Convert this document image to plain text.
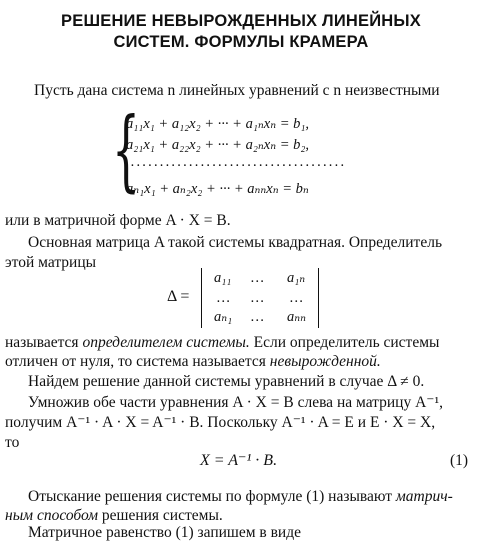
РЕШЕНИЕ НЕВЫРОЖДЕННЫХ ЛИНЕЙНЫХ
СИСТЕМ. ФОРМУЛЫ КРАМЕРА
Пусть дана система n линейных уравнений с n неизвестными
{
a₁₁x₁ + a₁₂x₂ + ··· + a₁ₙxₙ = b₁,
a₂₁x₁ + a₂₂x₂ + ··· + a₂ₙxₙ = b₂,
·····································
aₙ₁x₁ + aₙ₂x₂ + ··· + aₙₙxₙ = bₙ
или в матричной форме A · X = B.
Основная матрица A такой системы квадратная. Определитель
этой матрицы
Δ =
a₁₁ … a₁ₙ
… … …
aₙ₁ … aₙₙ
называется определителем системы. Если определитель системы
отличен от нуля, то система называется невырожденной.
Найдем решение данной системы уравнений в случае Δ ≠ 0.
Умножив обе части уравнения A · X = B слева на матрицу A⁻¹,
получим A⁻¹ · A · X = A⁻¹ · B. Поскольку A⁻¹ · A = E и E · X = X,
то
X = A⁻¹ · B.	(1)
Отыскание решения системы по формуле (1) называют матрич-
ным способом решения системы.
Матричное равенство (1) запишем в виде
